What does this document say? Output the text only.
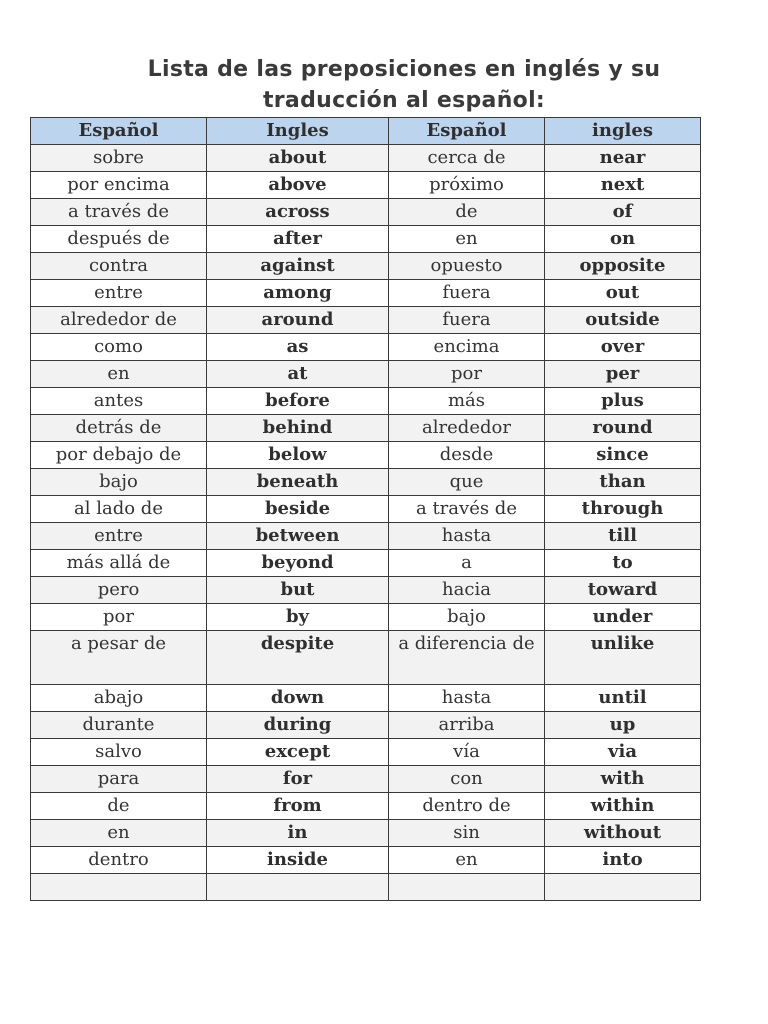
Lista de las preposiciones en inglés y su
traducción al español:
Español	Ingles	Español	ingles
sobre	about	cerca de	near
por encima	above	próximo	next
a través de	across	de	of
después de	after	en	on
contra	against	opuesto	opposite
entre	among	fuera	out
alrededor de	around	fuera	outside
como	as	encima	over
en	at	por	per
antes	before	más	plus
detrás de	behind	alrededor	round
por debajo de	below	desde	since
bajo	beneath	que	than
al lado de	beside	a través de	through
entre	between	hasta	till
más allá de	beyond	a	to
pero	but	hacia	toward
por	by	bajo	under
a pesar de	despite	a diferencia de	unlike
abajo	down	hasta	until
durante	during	arriba	up
salvo	except	vía	via
para	for	con	with
de	from	dentro de	within
en	in	sin	without
dentro	inside	en	into
